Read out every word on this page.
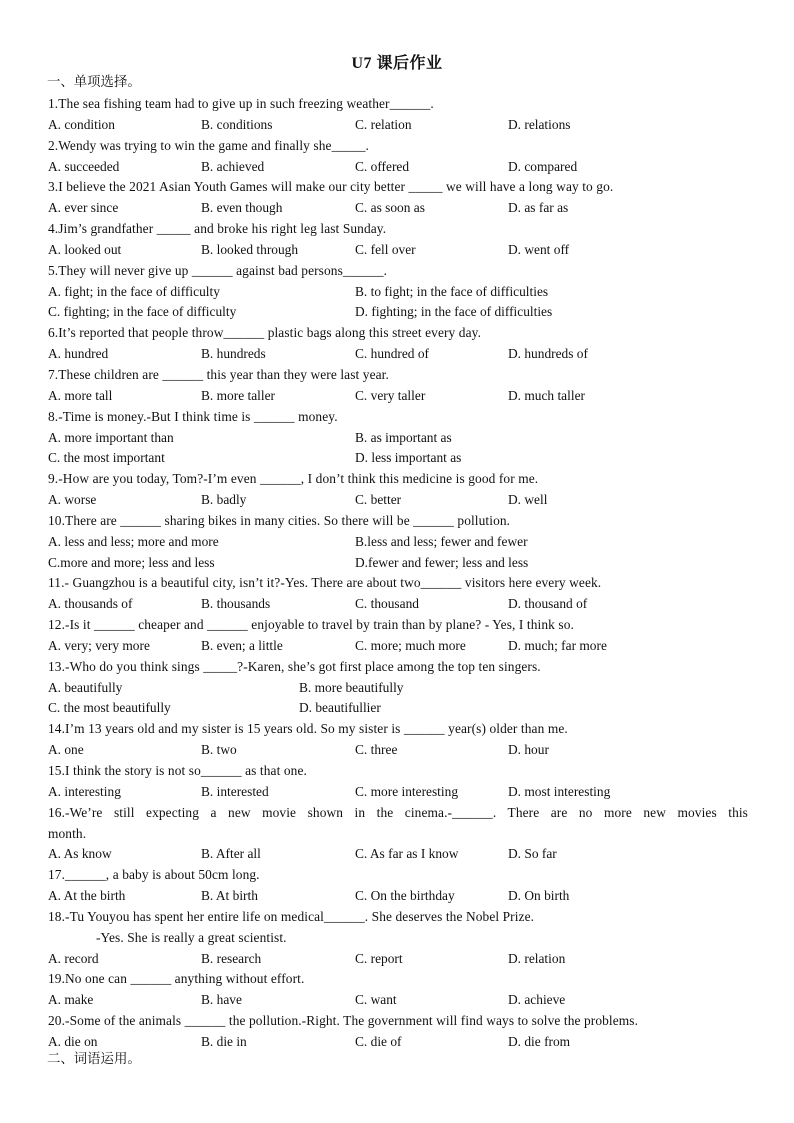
U7 课后作业
一、单项选择。
1.The sea fishing team had to give up in such freezing weather______.
A. condition	B. conditions	C. relation	D. relations
2.Wendy was trying to win the game and finally she_____.
A. succeeded	B. achieved	C. offered	D. compared
3.I believe the 2021 Asian Youth Games will make our city better _____ we will have a long way to go.
A. ever since	B. even though	C. as soon as	D. as far as
4.Jim’s grandfather _____ and broke his right leg last Sunday.
A. looked out	B. looked through	C. fell over	D. went off
5.They will never give up ______ against bad persons______.
A. fight; in the face of difficulty	B. to fight; in the face of difficulties
C. fighting; in the face of difficulty	D. fighting; in the face of difficulties
6.It’s reported that people throw______ plastic bags along this street every day.
A. hundred	B. hundreds	C. hundred of	D. hundreds of
7.These children are ______ this year than they were last year.
A. more tall	B. more taller	C. very taller	D. much taller
8.-Time is money.-But I think time is ______ money.
A. more important than	B. as important as
C. the most important	D. less important as
9.-How are you today, Tom?-I’m even ______, I don’t think this medicine is good for me.
A. worse	B. badly	C. better	D. well
10.There are ______ sharing bikes in many cities. So there will be ______ pollution.
A. less and less; more and more	B.less and less; fewer and fewer
C.more and more; less and less	D.fewer and fewer; less and less
11.- Guangzhou is a beautiful city, isn’t it?-Yes. There are about two______ visitors here every week.
A. thousands of	B. thousands	C. thousand	D. thousand of
12.-Is it ______ cheaper and ______ enjoyable to travel by train than by plane? - Yes, I think so.
A. very; very more	B. even; a little	C. more; much more	D. much; far more
13.-Who do you think sings _____?-Karen, she’s got first place among the top ten singers.
A. beautifully	B. more beautifully
C. the most beautifully	D. beautifullier
14.I’m 13 years old and my sister is 15 years old. So my sister is ______ year(s) older than me.
A. one	B. two	C. three	D. hour
15.I think the story is not so______ as that one.
A. interesting	B. interested	C. more interesting	D. most interesting
16.-We’re still expecting a new movie shown in the cinema.-______. There are no more new movies this
month.
A. As know	B. After all	C. As far as I know	D. So far
17.______, a baby is about 50cm long.
A. At the birth	B. At birth	C. On the birthday	D. On birth
18.-Tu Youyou has spent her entire life on medical______. She deserves the Nobel Prize.
-Yes. She is really a great scientist.
A. record	B. research	C. report	D. relation
19.No one can ______ anything without effort.
A. make	B. have	C. want	D. achieve
20.-Some of the animals ______ the pollution.-Right. The government will find ways to solve the problems.
A. die on	B. die in	C. die of	D. die from
二、词语运用。
